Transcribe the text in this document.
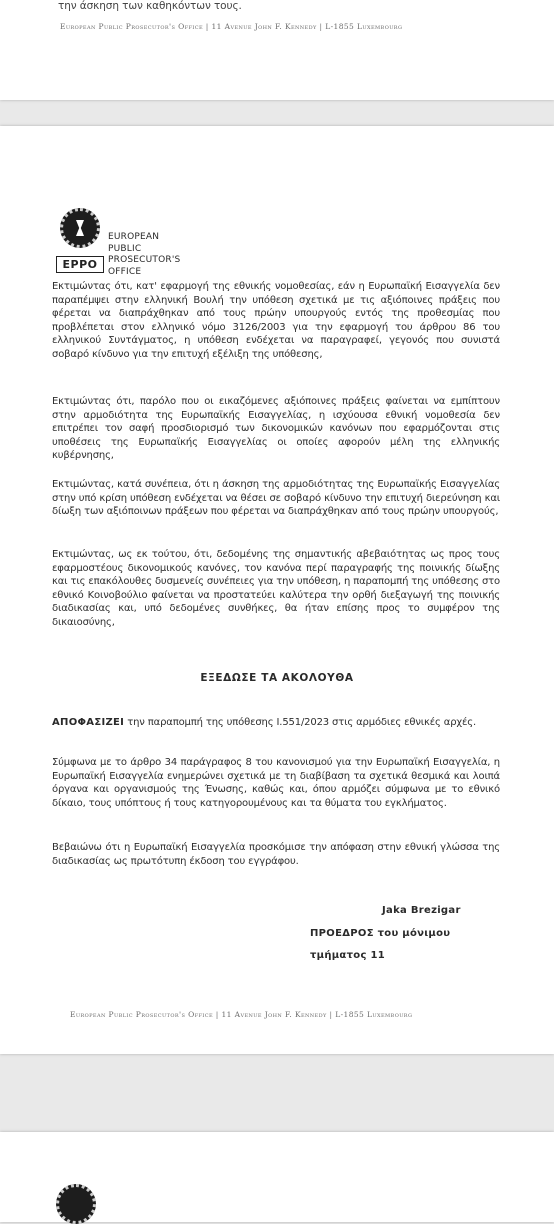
την άσκηση των καθηκόντων τους.
European Public Prosecutor's Office | 11 Avenue John F. Kennedy | L-1855 Luxembourg
EPPO
EUROPEAN
PUBLIC
PROSECUTOR'S
OFFICE
Εκτιμώντας ότι, κατ' εφαρμογή της εθνικής νομοθεσίας, εάν η Ευρωπαϊκή Εισαγγελία δεν παραπέμψει στην ελληνική Βουλή την υπόθεση σχετικά με τις αξιόποινες πράξεις που φέρεται να διαπράχθηκαν από τους πρώην υπουργούς εντός της προθεσμίας που προβλέπεται στον ελληνικό νόμο 3126/2003 για την εφαρμογή του άρθρου 86 του ελληνικού Συντάγματος, η υπόθεση ενδέχεται να παραγραφεί, γεγονός που συνιστά σοβαρό κίνδυνο για την επιτυχή εξέλιξη της υπόθεσης,
Εκτιμώντας ότι, παρόλο που οι εικαζόμενες αξιόποινες πράξεις φαίνεται να εμπίπτουν στην αρμοδιότητα της Ευρωπαϊκής Εισαγγελίας, η ισχύουσα εθνική νομοθεσία δεν επιτρέπει τον σαφή προσδιορισμό των δικονομικών κανόνων που εφαρμόζονται στις υποθέσεις της Ευρωπαϊκής Εισαγγελίας οι οποίες αφορούν μέλη της ελληνικής κυβέρνησης,
Εκτιμώντας, κατά συνέπεια, ότι η άσκηση της αρμοδιότητας της Ευρωπαϊκής Εισαγγελίας στην υπό κρίση υπόθεση ενδέχεται να θέσει σε σοβαρό κίνδυνο την επιτυχή διερεύνηση και δίωξη των αξιόποινων πράξεων που φέρεται να διαπράχθηκαν από τους πρώην υπουργούς,
Εκτιμώντας, ως εκ τούτου, ότι, δεδομένης της σημαντικής αβεβαιότητας ως προς τους εφαρμοστέους δικονομικούς κανόνες, τον κανόνα περί παραγραφής της ποινικής δίωξης και τις επακόλουθες δυσμενείς συνέπειες για την υπόθεση, η παραπομπή της υπόθεσης στο εθνικό Κοινοβούλιο φαίνεται να προστατεύει καλύτερα την ορθή διεξαγωγή της ποινικής διαδικασίας και, υπό δεδομένες συνθήκες, θα ήταν επίσης προς το συμφέρον της δικαιοσύνης,
ΕΞΕΔΩΣΕ ΤΑ ΑΚΟΛΟΥΘΑ
ΑΠΟΦΑΣΙΖΕΙ την παραπομπή της υπόθεσης I.551/2023 στις αρμόδιες εθνικές αρχές.
Σύμφωνα με το άρθρο 34 παράγραφος 8 του κανονισμού για την Ευρωπαϊκή Εισαγγελία, η Ευρωπαϊκή Εισαγγελία ενημερώνει σχετικά με τη διαβίβαση τα σχετικά θεσμικά και λοιπά όργανα και οργανισμούς της Ένωσης, καθώς και, όπου αρμόζει σύμφωνα με το εθνικό δίκαιο, τους υπόπτους ή τους κατηγορουμένους και τα θύματα του εγκλήματος.
Βεβαιώνω ότι η Ευρωπαϊκή Εισαγγελία προσκόμισε την απόφαση στην εθνική γλώσσα της διαδικασίας ως πρωτότυπη έκδοση του εγγράφου.
Jaka Brezigar
ΠΡΟΕΔΡΟΣ του μόνιμου
τμήματος 11
European Public Prosecutor's Office | 11 Avenue John F. Kennedy | L-1855 Luxembourg
